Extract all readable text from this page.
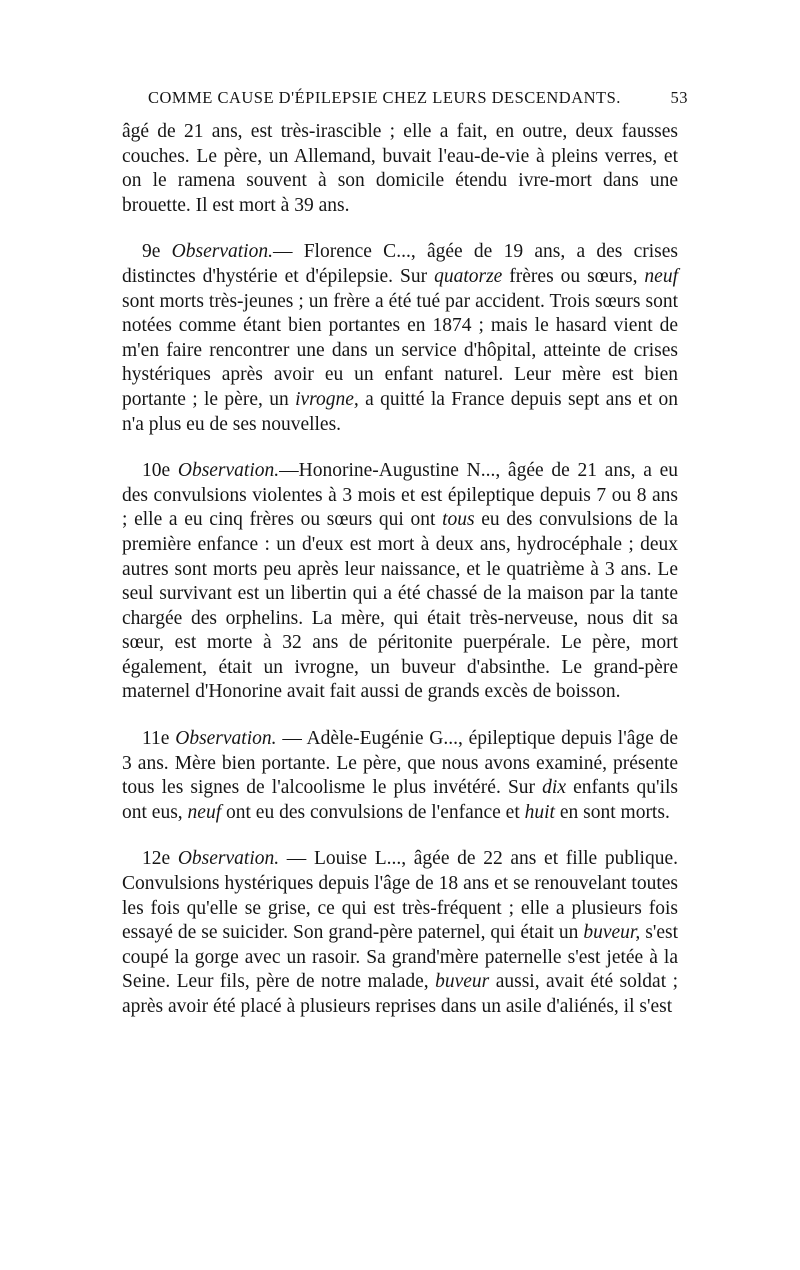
COMME CAUSE D'ÉPILEPSIE CHEZ LEURS DESCENDANTS.	53

âgé de 21 ans, est très-irascible ; elle a fait, en outre, deux fausses couches. Le père, un Allemand, buvait l'eau-de-vie à pleins verres, et on le ramena souvent à son domicile étendu ivre-mort dans une brouette. Il est mort à 39 ans.

9e Observation.— Florence C..., âgée de 19 ans, a des crises distinctes d'hystérie et d'épilepsie. Sur quatorze frères ou sœurs, neuf sont morts très-jeunes ; un frère a été tué par accident. Trois sœurs sont notées comme étant bien portantes en 1874 ; mais le hasard vient de m'en faire rencontrer une dans un service d'hôpital, atteinte de crises hystériques après avoir eu un enfant naturel. Leur mère est bien portante ; le père, un ivrogne, a quitté la France depuis sept ans et on n'a plus eu de ses nouvelles.

10e Observation.—Honorine-Augustine N..., âgée de 21 ans, a eu des convulsions violentes à 3 mois et est épileptique depuis 7 ou 8 ans ; elle a eu cinq frères ou sœurs qui ont tous eu des convulsions de la première enfance : un d'eux est mort à deux ans, hydrocéphale ; deux autres sont morts peu après leur naissance, et le quatrième à 3 ans. Le seul survivant est un libertin qui a été chassé de la maison par la tante chargée des orphelins. La mère, qui était très-nerveuse, nous dit sa sœur, est morte à 32 ans de péritonite puerpérale. Le père, mort également, était un ivrogne, un buveur d'absinthe. Le grand-père maternel d'Honorine avait fait aussi de grands excès de boisson.

11e Observation. — Adèle-Eugénie G..., épileptique depuis l'âge de 3 ans. Mère bien portante. Le père, que nous avons examiné, présente tous les signes de l'alcoolisme le plus invétéré. Sur dix enfants qu'ils ont eus, neuf ont eu des convulsions de l'enfance et huit en sont morts.

12e Observation. — Louise L..., âgée de 22 ans et fille publique. Convulsions hystériques depuis l'âge de 18 ans et se renouvelant toutes les fois qu'elle se grise, ce qui est très-fréquent ; elle a plusieurs fois essayé de se suicider. Son grand-père paternel, qui était un buveur, s'est coupé la gorge avec un rasoir. Sa grand'mère paternelle s'est jetée à la Seine. Leur fils, père de notre malade, buveur aussi, avait été soldat ; après avoir été placé à plusieurs reprises dans un asile d'aliénés, il s'est
